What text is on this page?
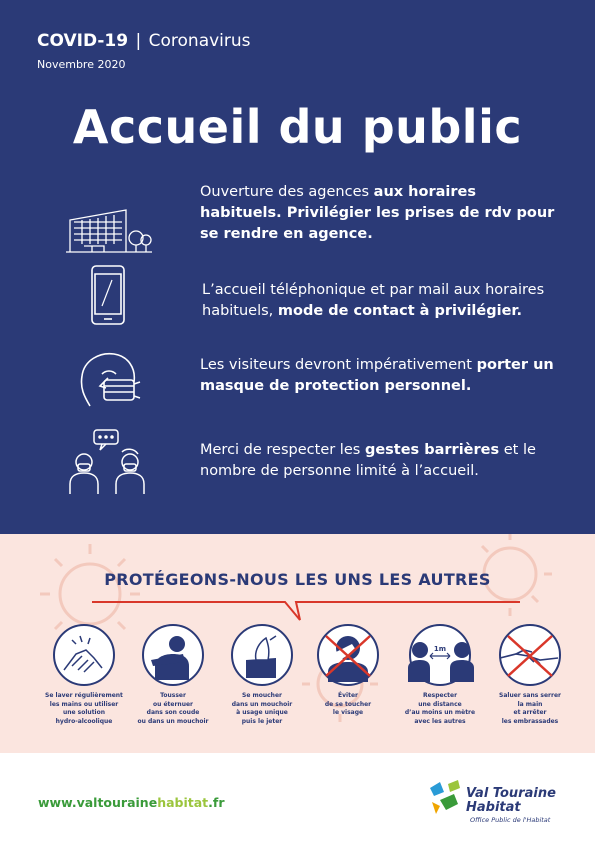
COVID-19 | Coronavirus
Novembre 2020
Accueil du public
Ouverture des agences aux horaires habituels. Privilégier les prises de rdv pour se rendre en agence.
L’accueil téléphonique et par mail aux horaires habituels, mode de contact à privilégier.
Les visiteurs devront impérativement porter un masque de protection personnel.
Merci de respecter les gestes barrières et le nombre de personne limité à l’accueil.
PROTÉGEONS-NOUS LES UNS LES AUTRES
Se laver régulièrement
les mains ou utiliser
une solution
hydro-alcoolique
Tousser
ou éternuer
dans son coude
ou dans un mouchoir
Se moucher
dans un mouchoir
à usage unique
puis le jeter
Éviter
de se toucher
le visage
1m
Respecter
une distance
d’au moins un mètre
avec les autres
Saluer sans serrer
la main
et arrêter
les embrassades
www.valtourainehabitat.fr
Val Touraine
Habitat
Office Public de l'Habitat
